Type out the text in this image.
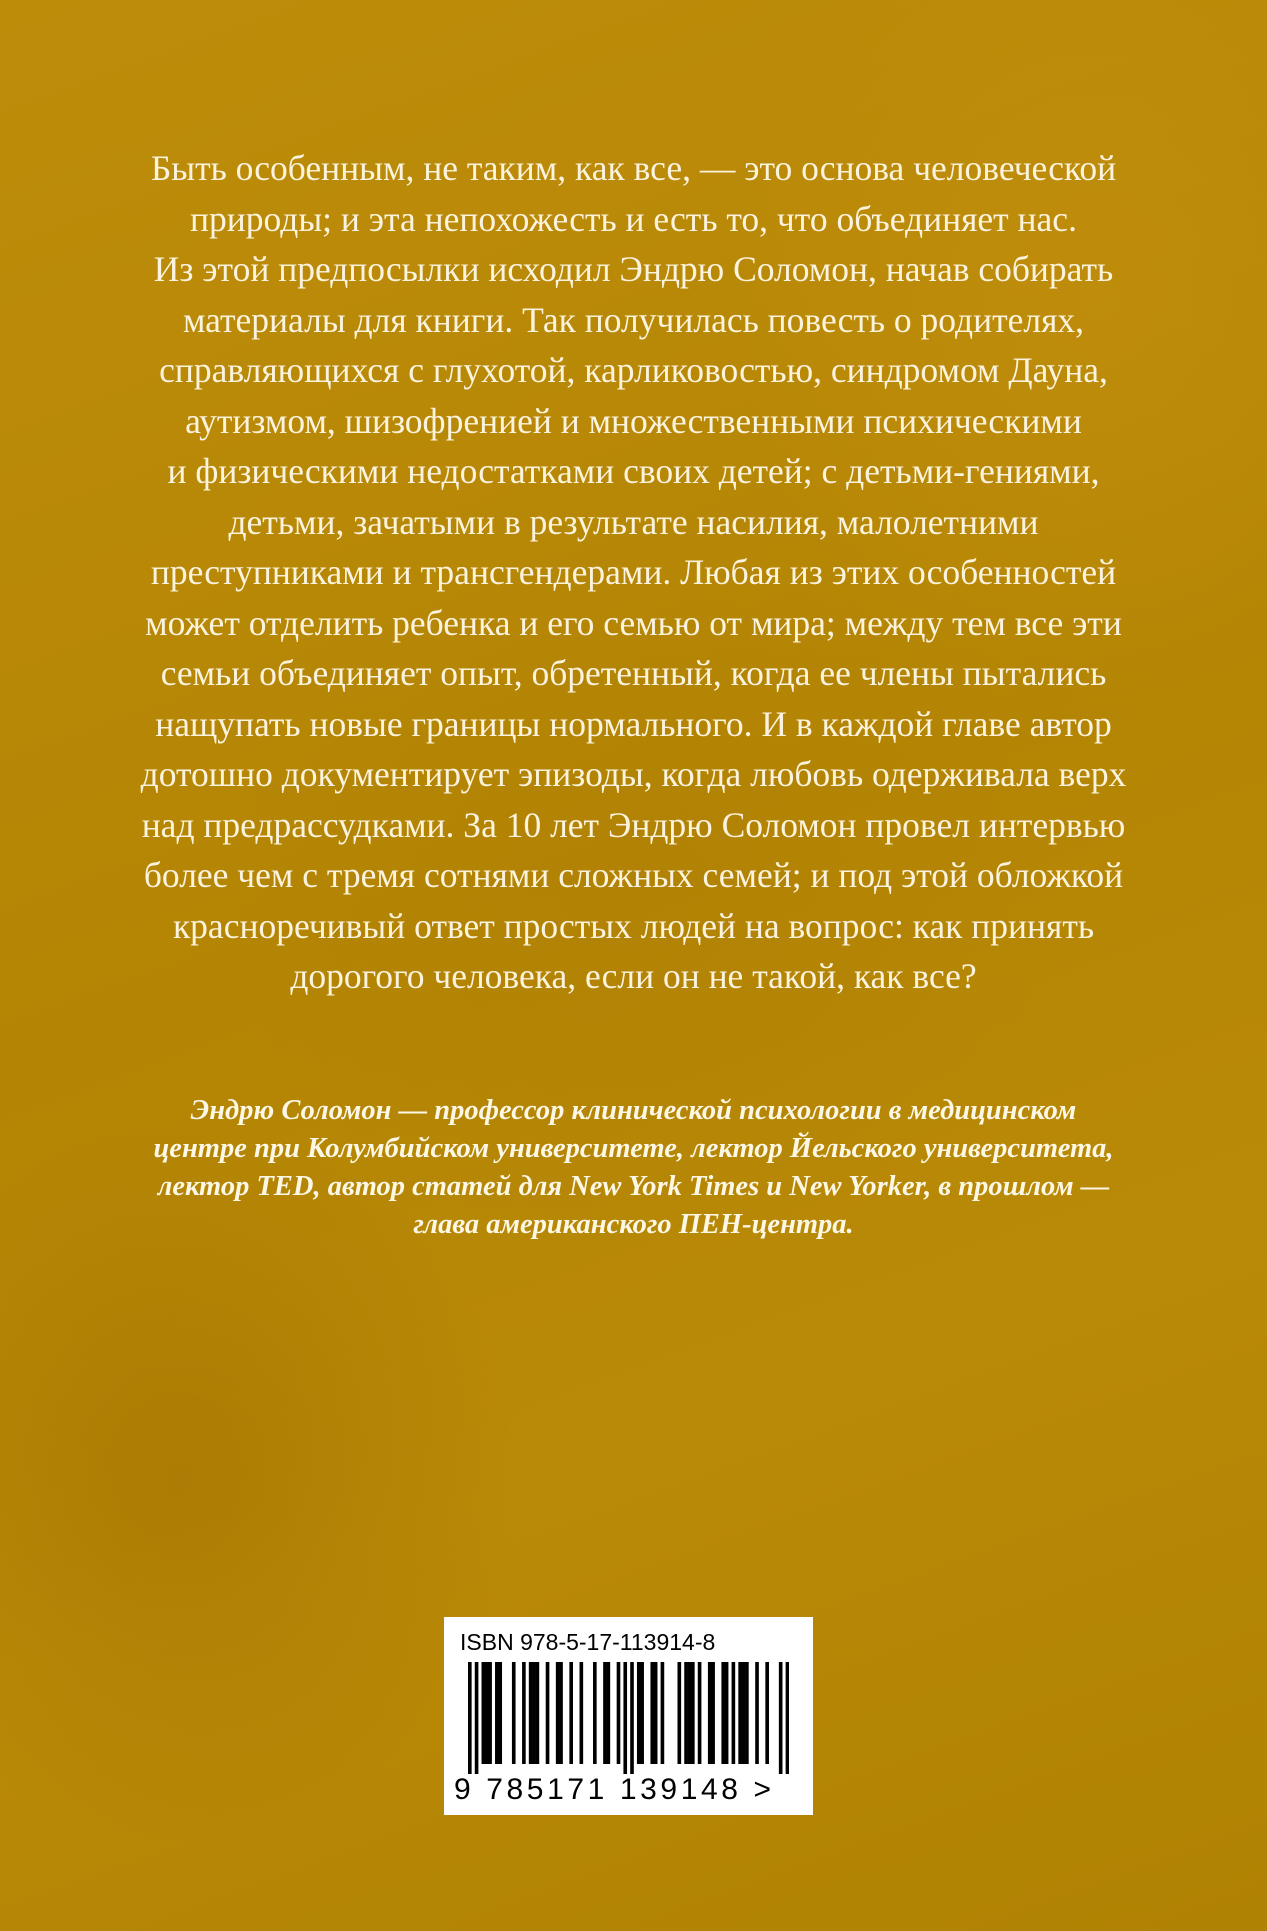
Быть особенным, не таким, как все, — это основа человеческой
природы; и эта непохожесть и есть то, что объединяет нас.
Из этой предпосылки исходил Эндрю Соломон, начав собирать
материалы для книги. Так получилась повесть о родителях,
справляющихся с глухотой, карликовостью, синдромом Дауна,
аутизмом, шизофренией и множественными психическими
и физическими недостатками своих детей; с детьми-гениями,
детьми, зачатыми в результате насилия, малолетними
преступниками и трансгендерами. Любая из этих особенностей
может отделить ребенка и его семью от мира; между тем все эти
семьи объединяет опыт, обретенный, когда ее члены пытались
нащупать новые границы нормального. И в каждой главе автор
дотошно документирует эпизоды, когда любовь одерживала верх
над предрассудками. За 10 лет Эндрю Соломон провел интервью
более чем с тремя сотнями сложных семей; и под этой обложкой
красноречивый ответ простых людей на вопрос: как принять
дорогого человека, если он не такой, как все?

Эндрю Соломон — профессор клинической психологии в медицинском
центре при Колумбийском университете, лектор Йельского университета,
лектор TED, автор статей для New York Times и New Yorker, в прошлом —
глава американского ПЕН-центра.

ISBN 978-5-17-113914-8
9 785171 139148 >
